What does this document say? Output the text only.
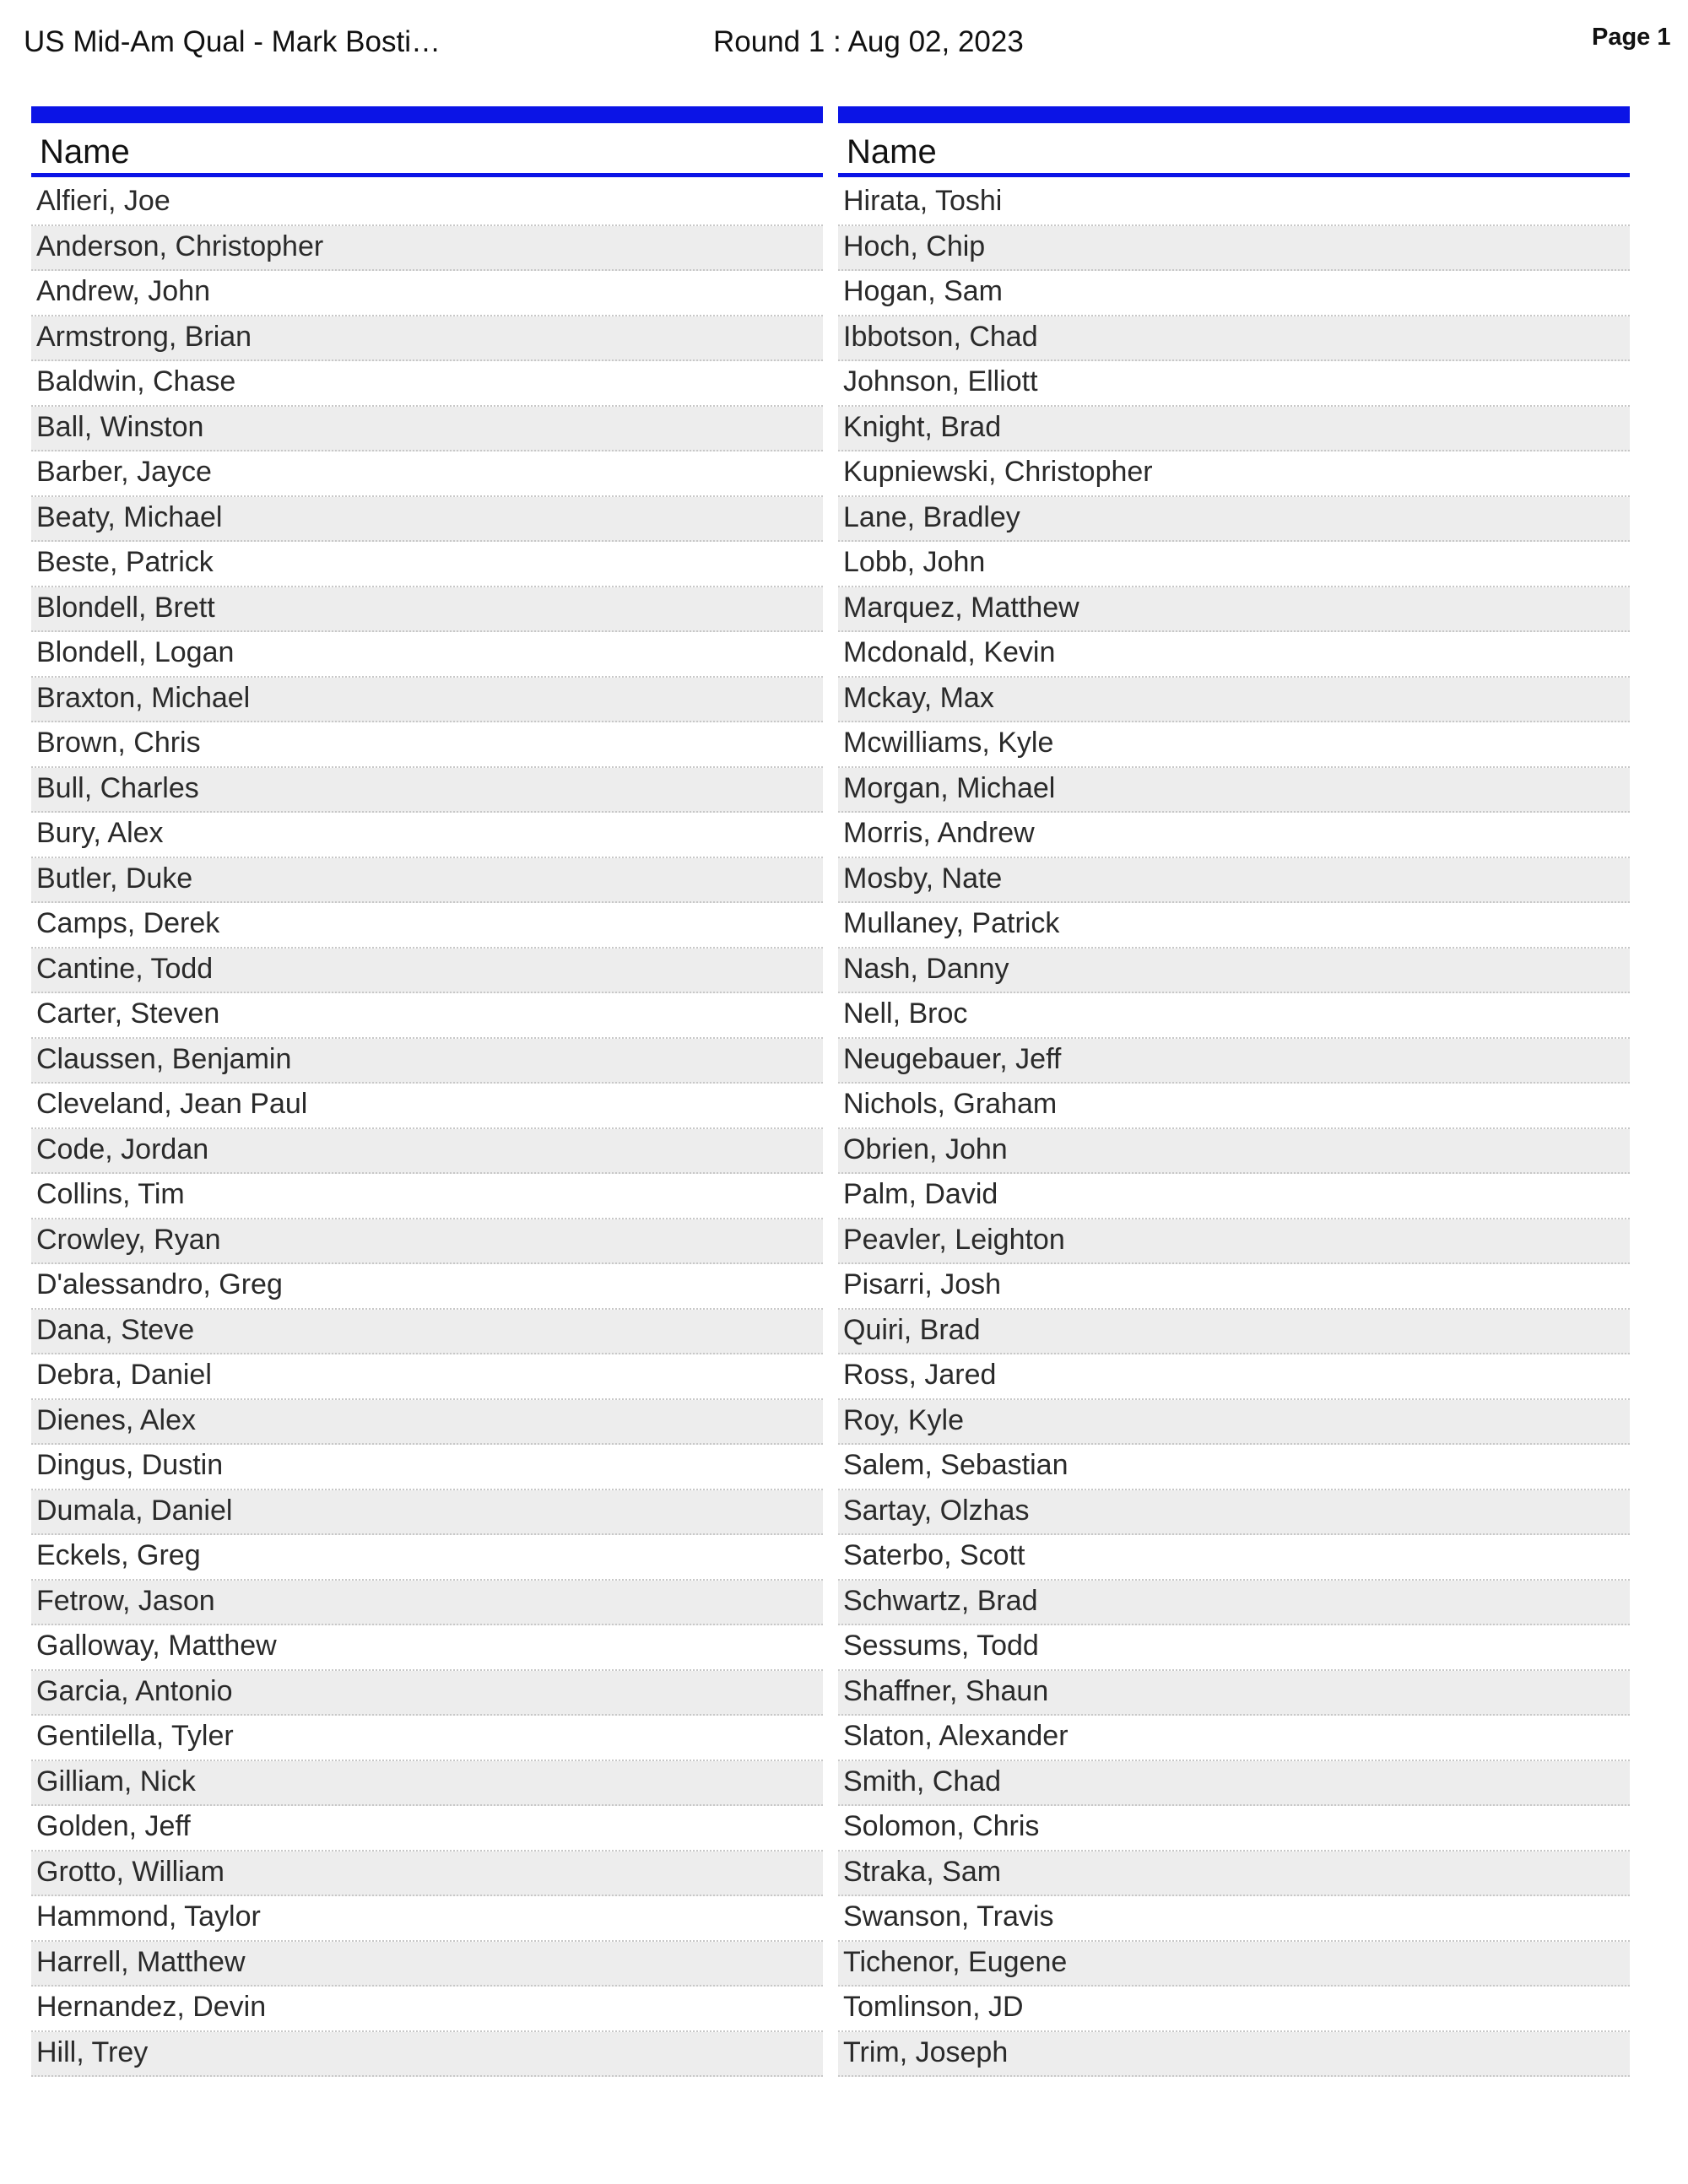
US Mid-Am Qual - Mark Bosti…	Round 1 : Aug 02, 2023	Page 1
Name
Alfieri, Joe
Anderson, Christopher
Andrew, John
Armstrong, Brian
Baldwin, Chase
Ball, Winston
Barber, Jayce
Beaty, Michael
Beste, Patrick
Blondell, Brett
Blondell, Logan
Braxton, Michael
Brown, Chris
Bull, Charles
Bury, Alex
Butler, Duke
Camps, Derek
Cantine, Todd
Carter, Steven
Claussen, Benjamin
Cleveland, Jean Paul
Code, Jordan
Collins, Tim
Crowley, Ryan
D'alessandro, Greg
Dana, Steve
Debra, Daniel
Dienes, Alex
Dingus, Dustin
Dumala, Daniel
Eckels, Greg
Fetrow, Jason
Galloway, Matthew
Garcia, Antonio
Gentilella, Tyler
Gilliam, Nick
Golden, Jeff
Grotto, William
Hammond, Taylor
Harrell, Matthew
Hernandez, Devin
Hill, Trey
Name
Hirata, Toshi
Hoch, Chip
Hogan, Sam
Ibbotson, Chad
Johnson, Elliott
Knight, Brad
Kupniewski, Christopher
Lane, Bradley
Lobb, John
Marquez, Matthew
Mcdonald, Kevin
Mckay, Max
Mcwilliams, Kyle
Morgan, Michael
Morris, Andrew
Mosby, Nate
Mullaney, Patrick
Nash, Danny
Nell, Broc
Neugebauer, Jeff
Nichols, Graham
Obrien, John
Palm, David
Peavler, Leighton
Pisarri, Josh
Quiri, Brad
Ross, Jared
Roy, Kyle
Salem, Sebastian
Sartay, Olzhas
Saterbo, Scott
Schwartz, Brad
Sessums, Todd
Shaffner, Shaun
Slaton, Alexander
Smith, Chad
Solomon, Chris
Straka, Sam
Swanson, Travis
Tichenor, Eugene
Tomlinson, JD
Trim, Joseph
